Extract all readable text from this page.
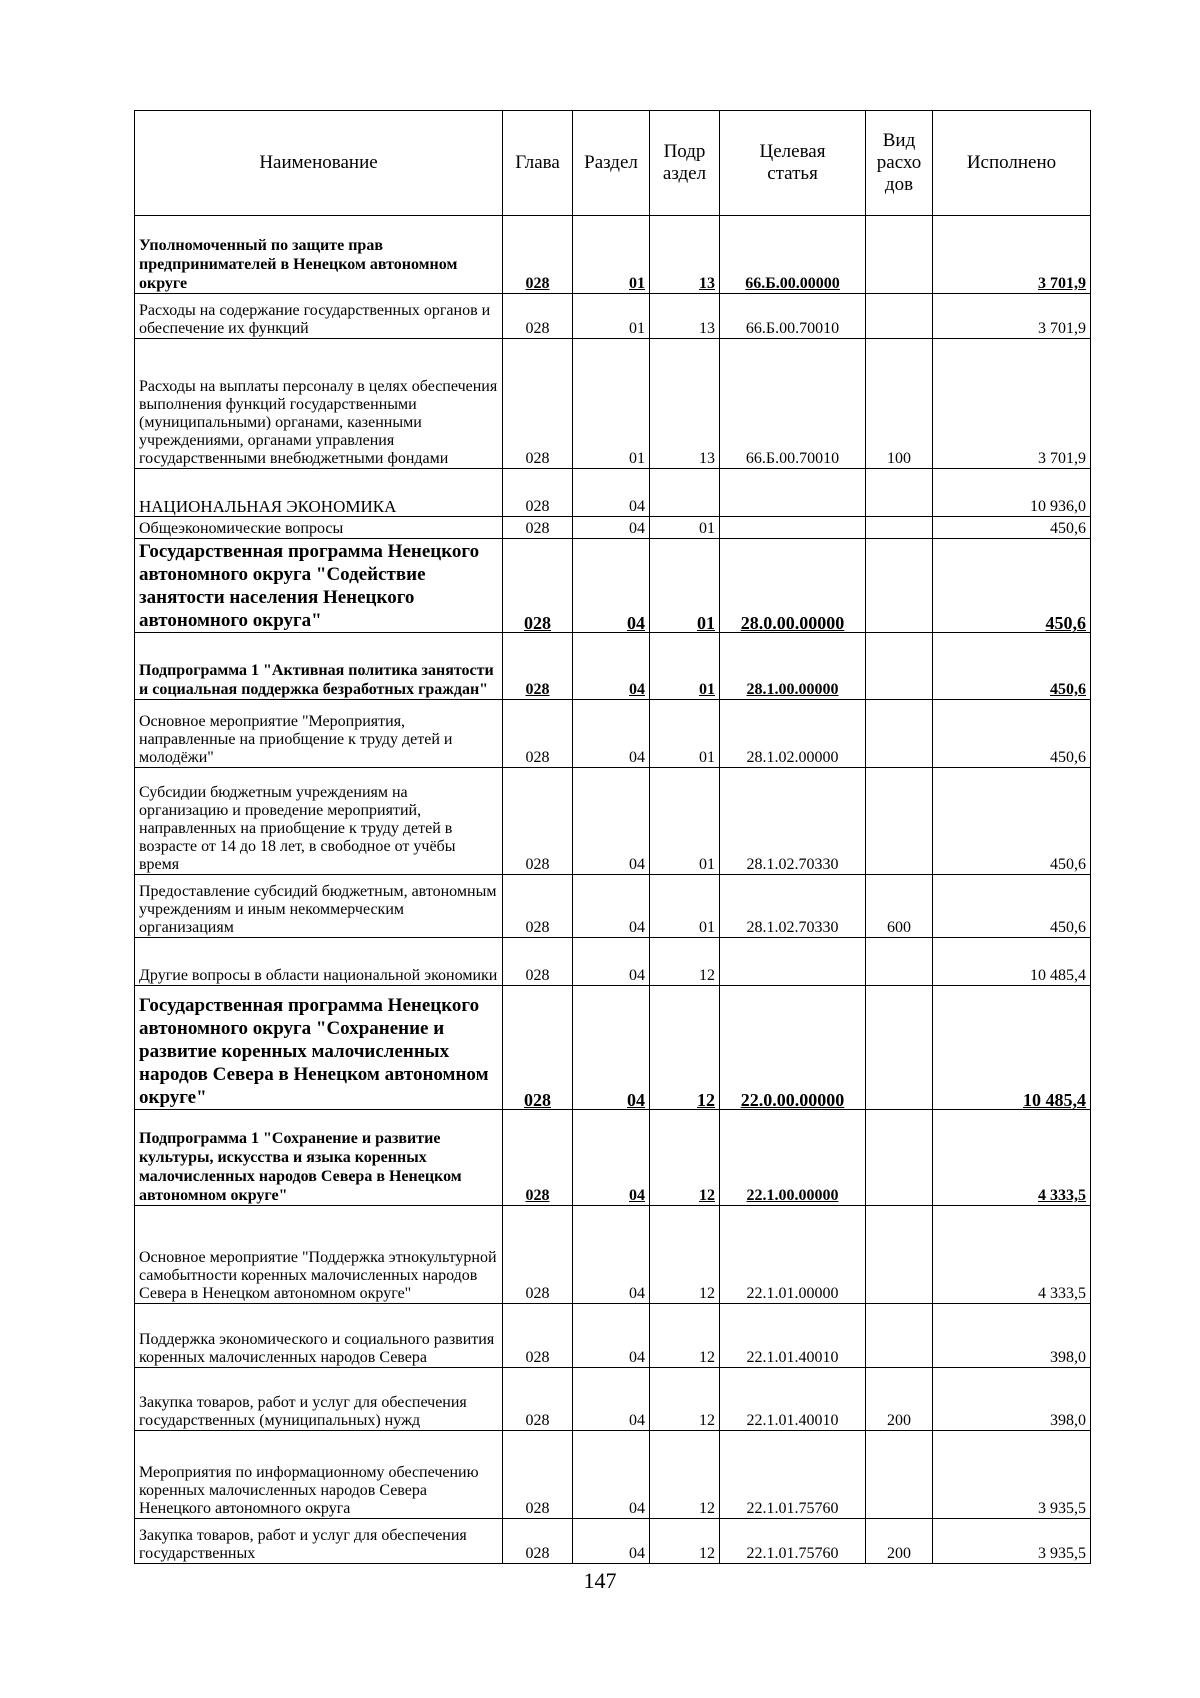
Наименование	Глава	Раздел	Подр аздел	Целевая статья	Вид расхо дов	Исполнено
Уполномоченный по защите прав предпринимателей в Ненецком автономном округе	028	01	13	66.Б.00.00000		3 701,9
Расходы на содержание государственных органов и обеспечение их функций	028	01	13	66.Б.00.70010		3 701,9
Расходы на выплаты персоналу в целях обеспечения выполнения функций государственными (муниципальными) органами, казенными учреждениями, органами управления государственными внебюджетными фондами	028	01	13	66.Б.00.70010	100	3 701,9
НАЦИОНАЛЬНАЯ ЭКОНОМИКА	028	04				10 936,0
Общеэкономические вопросы	028	04	01			450,6
Государственная программа Ненецкого автономного округа "Содействие занятости населения Ненецкого автономного округа"	028	04	01	28.0.00.00000		450,6
Подпрограмма 1 "Активная политика занятости и социальная поддержка безработных граждан"	028	04	01	28.1.00.00000		450,6
Основное мероприятие "Мероприятия, направленные на приобщение к труду детей и молодёжи"	028	04	01	28.1.02.00000		450,6
Субсидии бюджетным учреждениям на организацию и проведение мероприятий, направленных на приобщение к труду детей в возрасте от 14 до 18 лет, в свободное от учёбы время	028	04	01	28.1.02.70330		450,6
Предоставление субсидий бюджетным, автономным учреждениям и иным некоммерческим организациям	028	04	01	28.1.02.70330	600	450,6
Другие вопросы в области национальной экономики	028	04	12			10 485,4
Государственная программа Ненецкого автономного округа "Сохранение и развитие коренных малочисленных народов Севера в Ненецком автономном округе"	028	04	12	22.0.00.00000		10 485,4
Подпрограмма 1 "Сохранение и развитие культуры, искусства и языка коренных малочисленных народов Севера в Ненецком автономном округе"	028	04	12	22.1.00.00000		4 333,5
Основное мероприятие "Поддержка этнокультурной самобытности коренных малочисленных народов Севера в Ненецком автономном округе"	028	04	12	22.1.01.00000		4 333,5
Поддержка экономического и социального развития коренных малочисленных народов Севера	028	04	12	22.1.01.40010		398,0
Закупка товаров, работ и услуг для обеспечения государственных (муниципальных) нужд	028	04	12	22.1.01.40010	200	398,0
Мероприятия по информационному обеспечению коренных малочисленных народов Севера Ненецкого автономного округа	028	04	12	22.1.01.75760		3 935,5
Закупка товаров, работ и услуг для обеспечения государственных	028	04	12	22.1.01.75760	200	3 935,5
147
